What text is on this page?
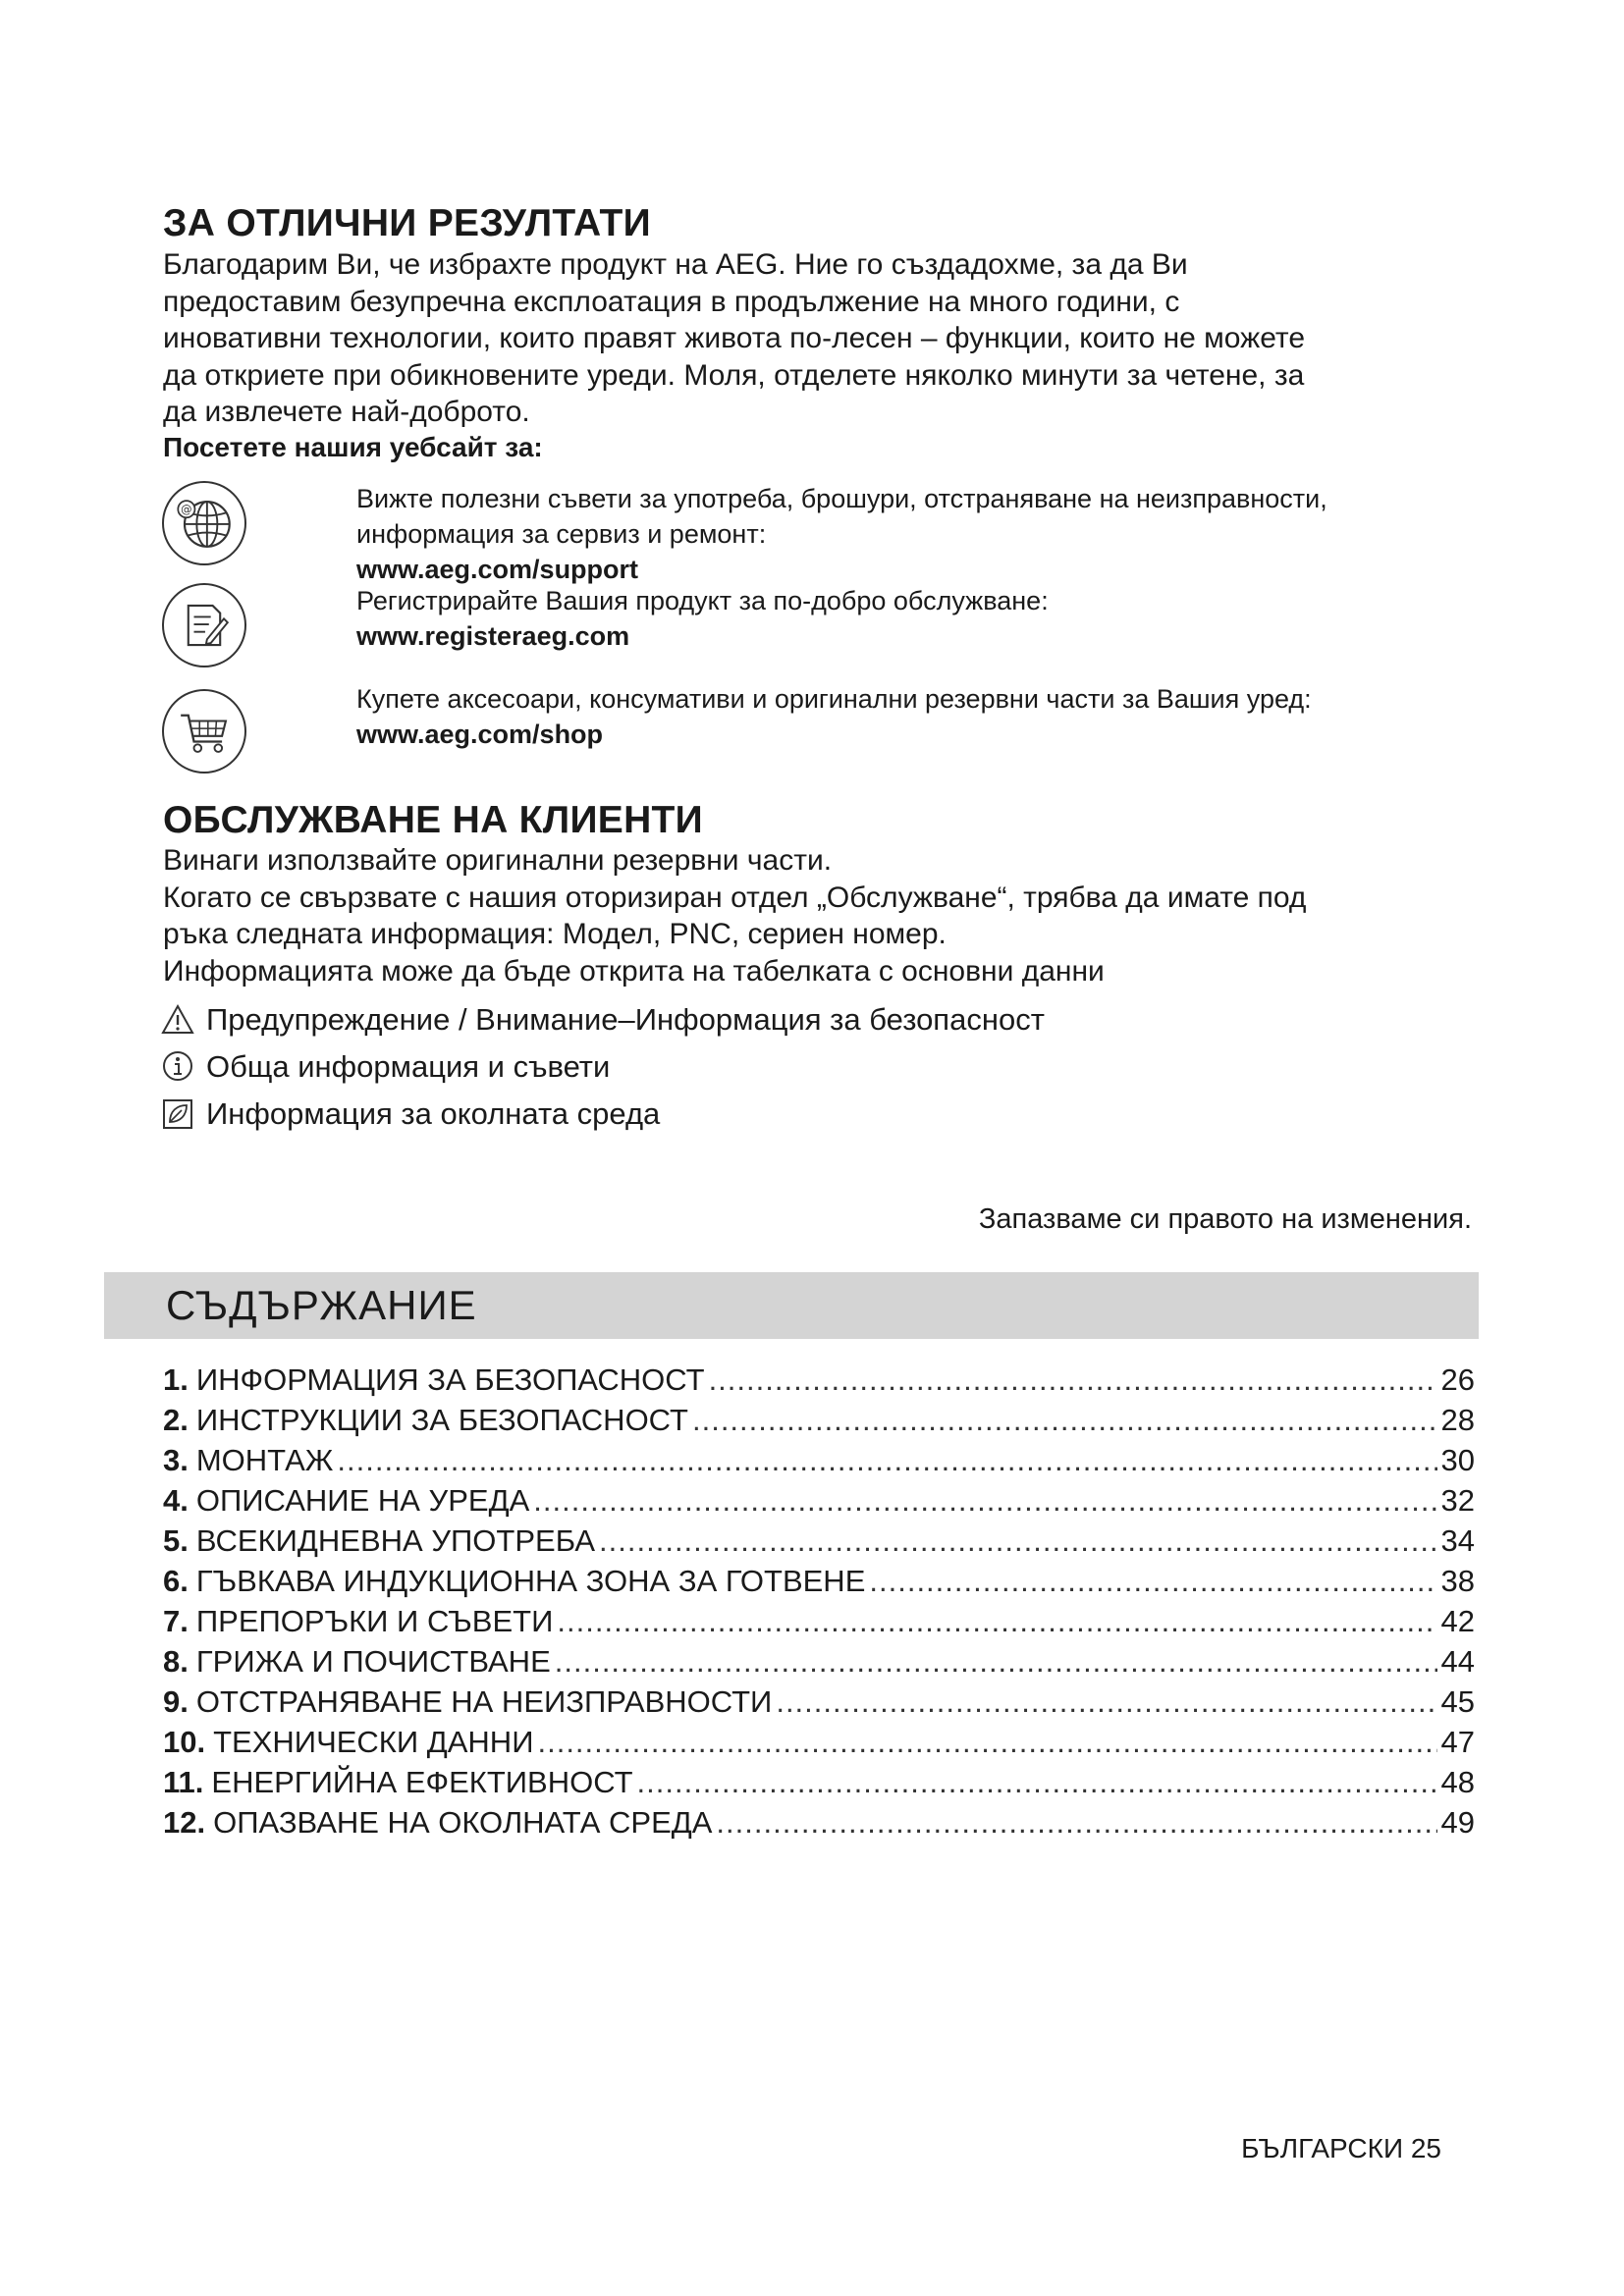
ЗА ОТЛИЧНИ РЕЗУЛТАТИ
Благодарим Ви, че избрахте продукт на AEG. Ние го създадохме, за да Ви
предоставим безупречна експлоатация в продължение на много години, с
иновативни технологии, които правят живота по-лесен – функции, които не можете
да откриете при обикновените уреди. Моля, отделете няколко минути за четене, за
да извлечете най-доброто.
Посетете нашия уебсайт за:
@	Вижте полезни съвети за употреба, брошури, отстраняване на неизправности,
информация за сервиз и ремонт:
www.aeg.com/support
Регистрирайте Вашия продукт за по-добро обслужване:
www.registeraeg.com
Купете аксесоари, консумативи и оригинални резервни части за Вашия уред:
www.aeg.com/shop
ОБСЛУЖВАНЕ НА КЛИЕНТИ
Винаги използвайте оригинални резервни части.
Когато се свързвате с нашия оторизиран отдел „Обслужване“, трябва да имате под
ръка следната информация: Модел, PNC, сериен номер.
Информацията може да бъде открита на табелката с основни данни
Предупреждение / Внимание–Информация за безопасност
Обща информация и съвети
Информация за околната среда
Запазваме си правото на изменения.
СЪДЪРЖАНИЕ
1. ИНФОРМАЦИЯ ЗА БЕЗОПАСНОСТ .....	26
2. ИНСТРУКЦИИ ЗА БЕЗОПАСНОСТ .....	28
3. МОНТАЖ .....	30
4. ОПИСАНИЕ НА УРЕДА .....	32
5. ВСЕКИДНЕВНА УПОТРЕБА .....	34
6. ГЪВКАВА ИНДУКЦИОННА ЗОНА ЗА ГОТВЕНЕ .....	38
7. ПРЕПОРЪКИ И СЪВЕТИ .....	42
8. ГРИЖА И ПОЧИСТВАНЕ .....	44
9. ОТСТРАНЯВАНЕ НА НЕИЗПРАВНОСТИ .....	45
10. ТЕХНИЧЕСКИ ДАННИ .....	47
11. ЕНЕРГИЙНА ЕФЕКТИВНОСТ .....	48
12. ОПАЗВАНЕ НА ОКОЛНАТА СРЕДА .....	49
БЪЛГАРСКИ 25
